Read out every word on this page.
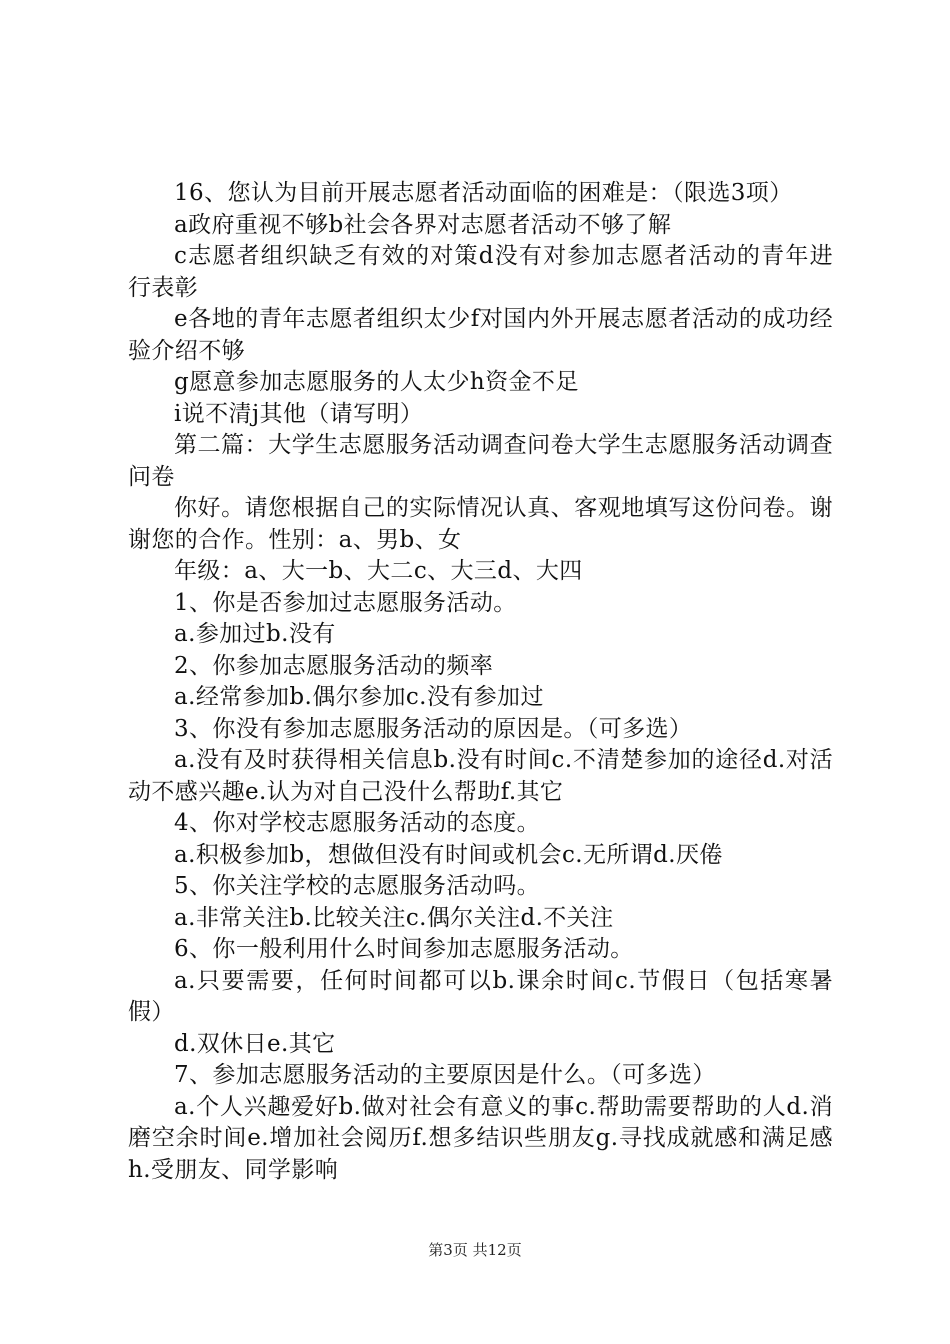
16、您认为目前开展志愿者活动面临的困难是：（限选3项）

a政府重视不够b社会各界对志愿者活动不够了解

c志愿者组织缺乏有效的对策d没有对参加志愿者活动的青年进行表彰

e各地的青年志愿者组织太少f对国内外开展志愿者活动的成功经验介绍不够

g愿意参加志愿服务的人太少h资金不足

i说不清j其他（请写明）

第二篇：大学生志愿服务活动调查问卷大学生志愿服务活动调查问卷

你好。请您根据自己的实际情况认真、客观地填写这份问卷。谢谢您的合作。性别：a、男b、女

年级：a、大一b、大二c、大三d、大四

1、你是否参加过志愿服务活动。

a.参加过b.没有

2、你参加志愿服务活动的频率

a.经常参加b.偶尔参加c.没有参加过

3、你没有参加志愿服务活动的原因是。（可多选）

a.没有及时获得相关信息b.没有时间c.不清楚参加的途径d.对活动不感兴趣e.认为对自己没什么帮助f.其它

4、你对学校志愿服务活动的态度。

a.积极参加b，想做但没有时间或机会c.无所谓d.厌倦

5、你关注学校的志愿服务活动吗。

a.非常关注b.比较关注c.偶尔关注d.不关注

6、你一般利用什么时间参加志愿服务活动。

a.只要需要，任何时间都可以b.课余时间c.节假日（包括寒暑假）

d.双休日e.其它

7、参加志愿服务活动的主要原因是什么。（可多选）

a.个人兴趣爱好b.做对社会有意义的事c.帮助需要帮助的人d.消磨空余时间e.增加社会阅历f.想多结识些朋友g.寻找成就感和满足感h.受朋友、同学影响

第3页 共12页
